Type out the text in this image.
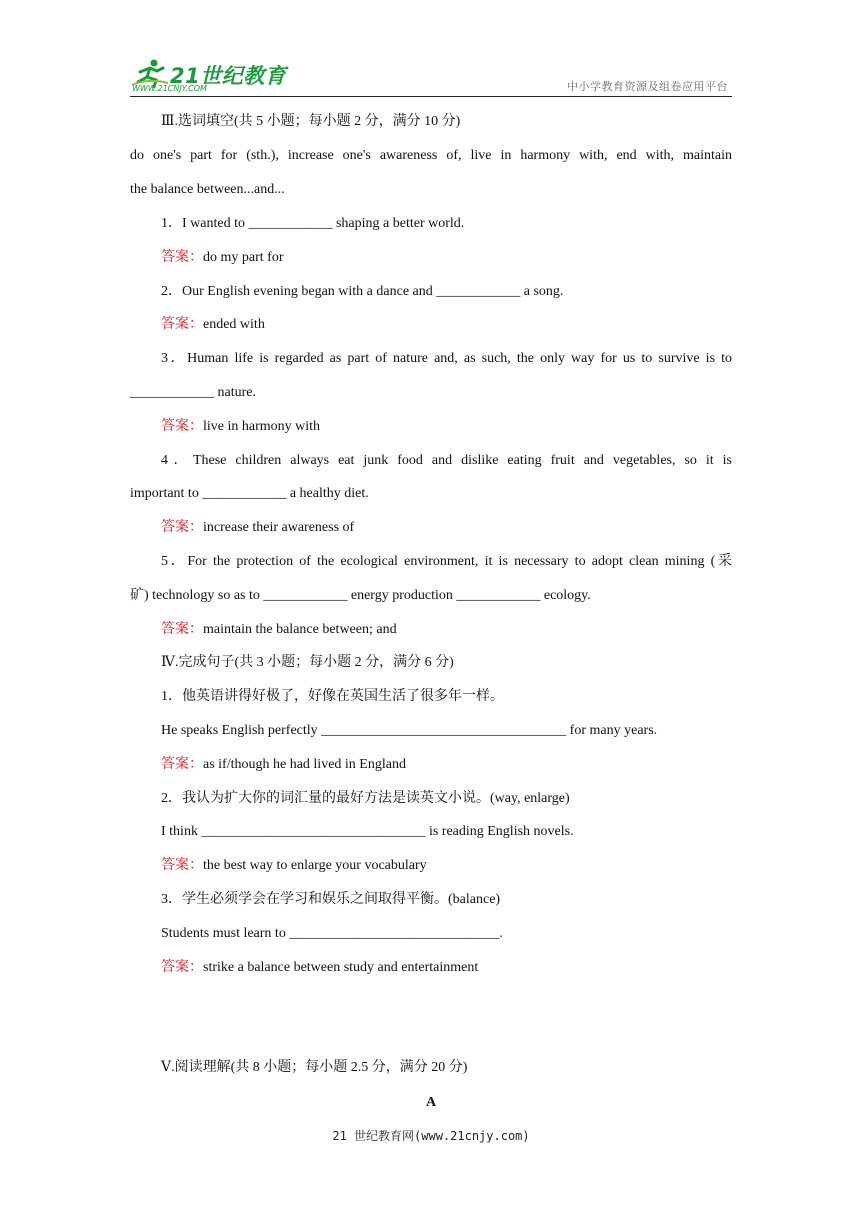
21世纪教育
WWW.21CNJY.COM	中小学教育资源及组卷应用平台
Ⅲ.选词填空(共 5 小题；每小题 2 分，满分 10 分)
do one's part for (sth.), increase one's awareness of, live in harmony with, end with, maintain
the balance between...and...
1．I wanted to ____________ shaping a better world.
答案：do my part for
2．Our English evening began with a dance and ____________ a song.
答案：ended with
3．Human life is regarded as part of nature and, as such, the only way for us to survive is to
____________ nature.
答案：live in harmony with
4．These children always eat junk food and dislike eating fruit and vegetables, so it is
important to ____________ a healthy diet.
答案：increase their awareness of
5．For the protection of the ecological environment, it is necessary to adopt clean mining (采
矿) technology so as to ____________ energy production ____________ ecology.
答案：maintain the balance between; and
Ⅳ.完成句子(共 3 小题；每小题 2 分，满分 6 分)
1．他英语讲得好极了，好像在英国生活了很多年一样。
He speaks English perfectly ___________________________________ for many years.
答案：as if/though he had lived in England
2．我认为扩大你的词汇量的最好方法是读英文小说。(way, enlarge)
I think ________________________________ is reading English novels.
答案：the best way to enlarge your vocabulary
3．学生必须学会在学习和娱乐之间取得平衡。(balance)
Students must learn to ______________________________.
答案：strike a balance between study and entertainment
Ⅴ.阅读理解(共 8 小题；每小题 2.5 分，满分 20 分)
A
21 世纪教育网(www.21cnjy.com)
